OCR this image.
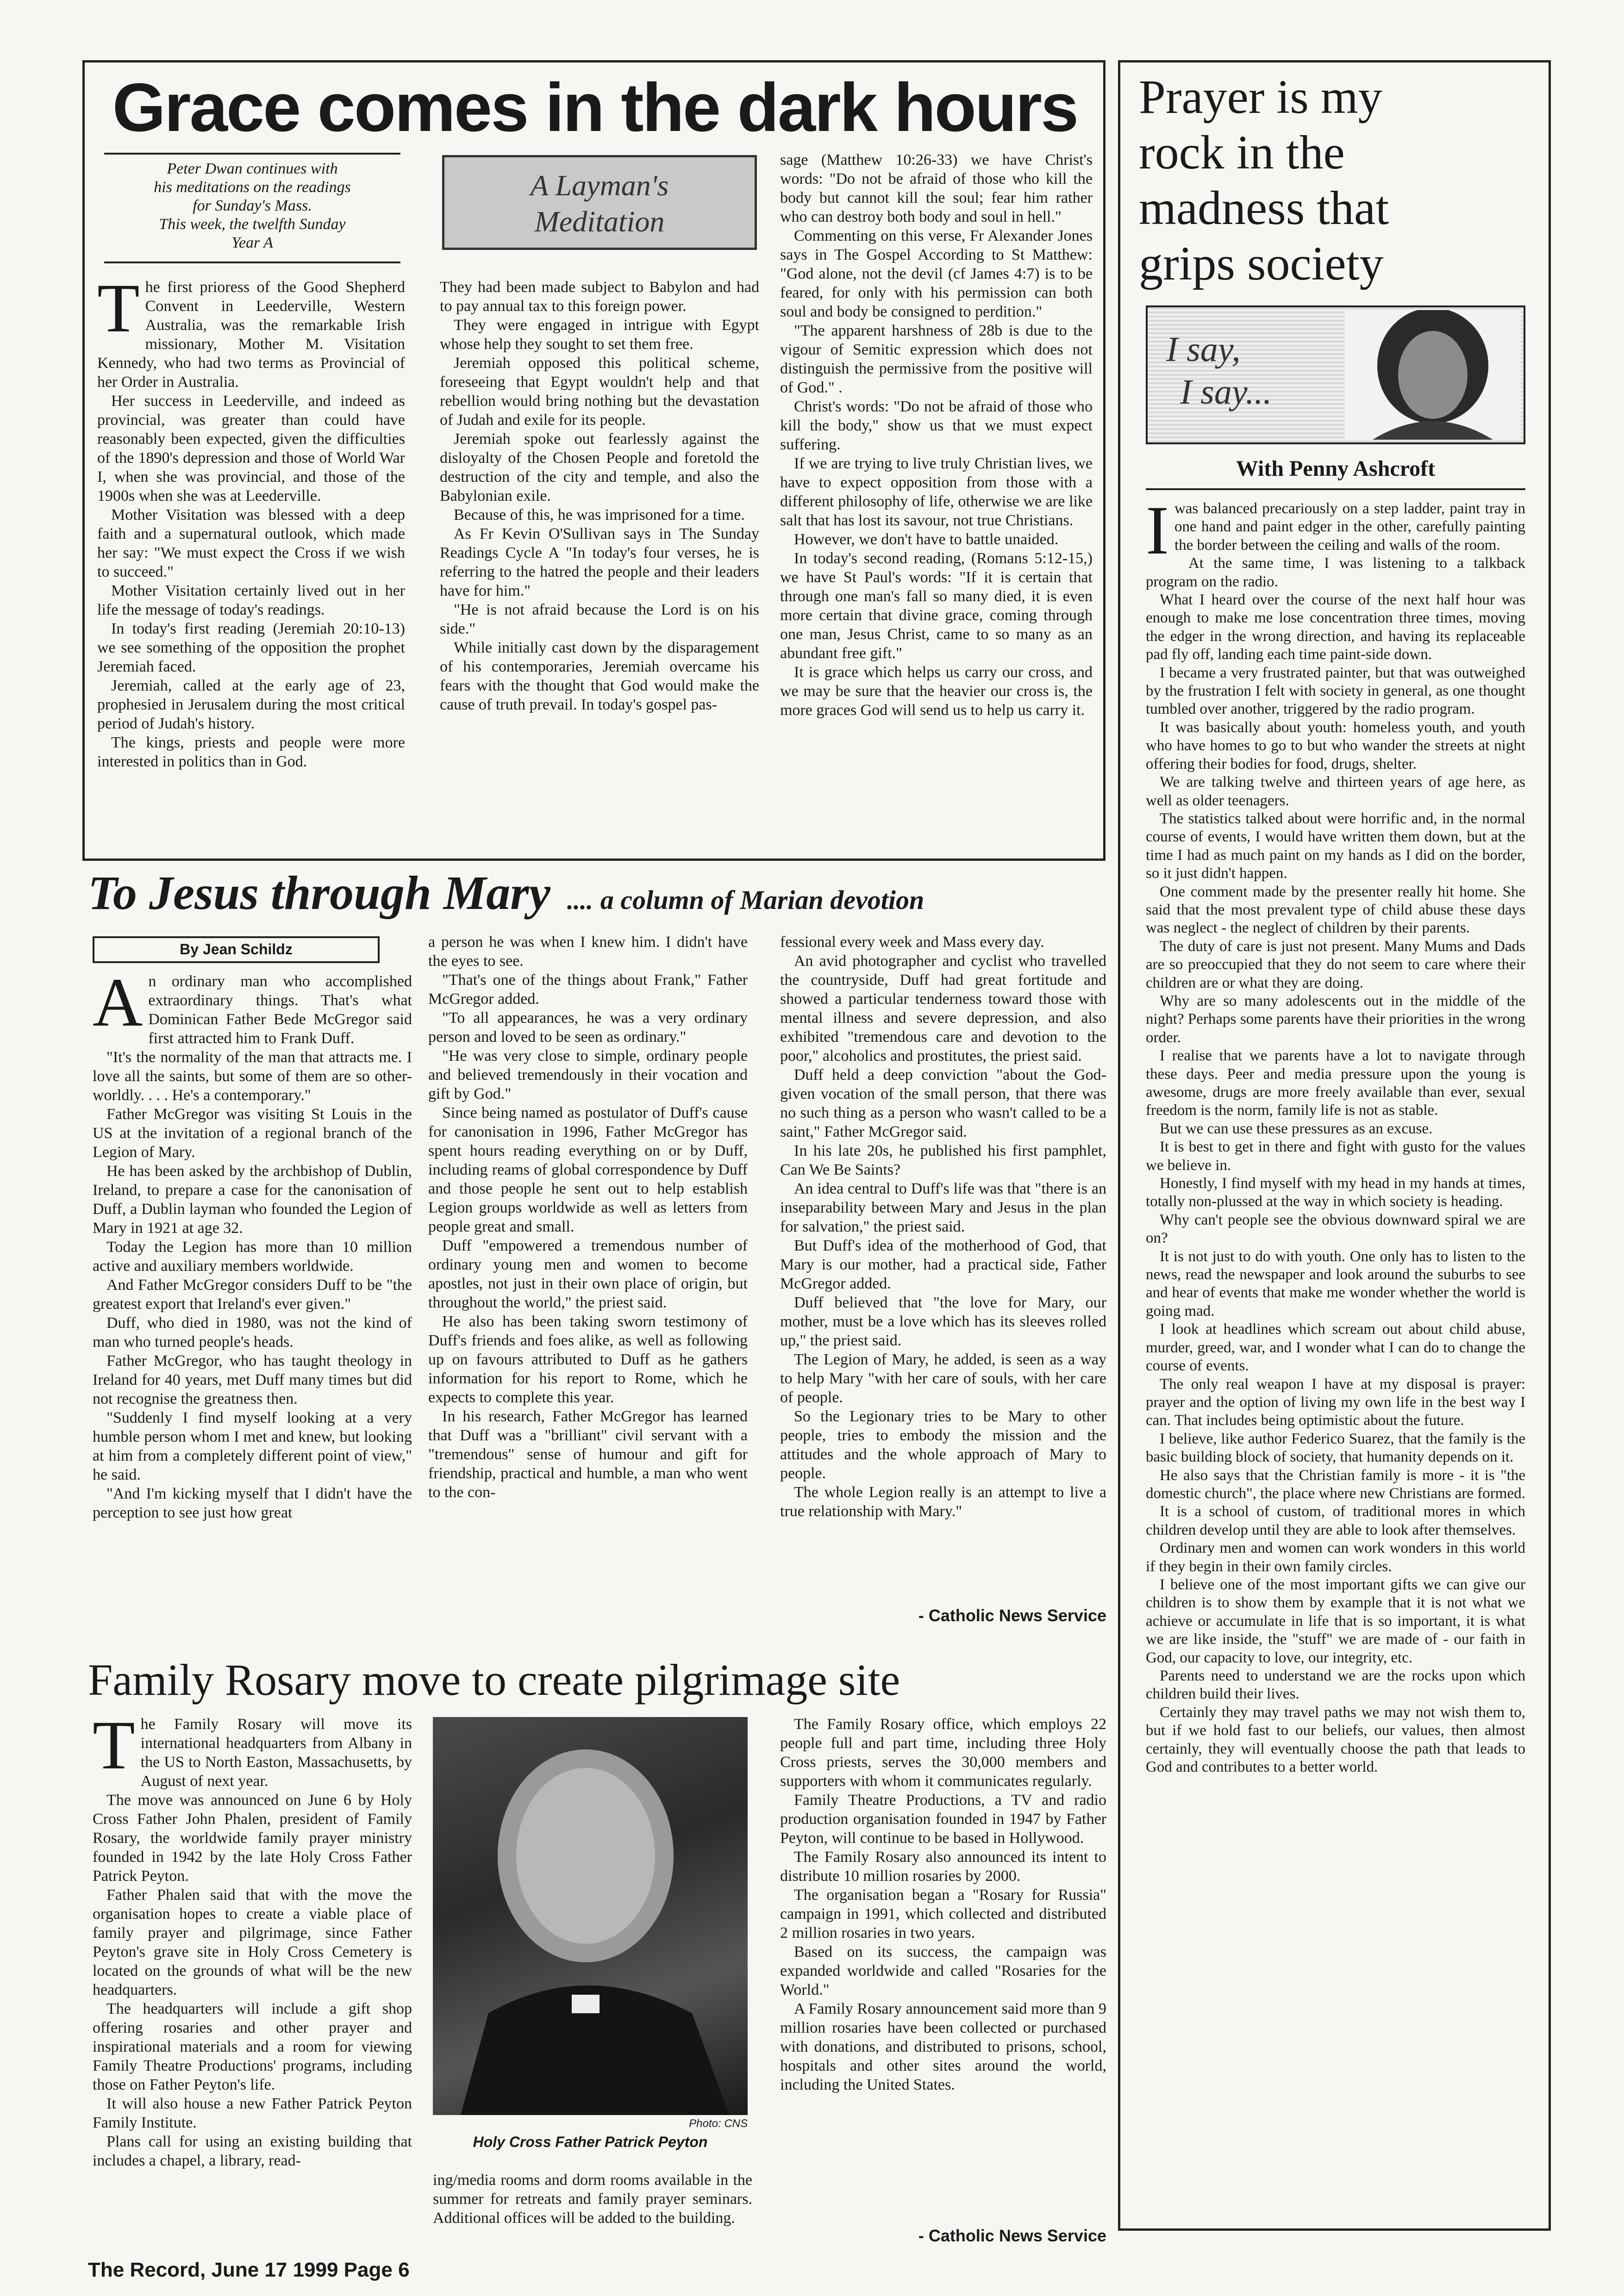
Grace comes in the dark hours
Peter Dwan continues with
his meditations on the readings
for Sunday's Mass.
This week, the twelfth Sunday
Year A
A Layman's
Meditation
T he first prioress of the Good Shepherd Convent in Leederville, Western Australia, was the remarkable Irish missionary, Mother M. Visitation Kennedy, who had two terms as Provincial of her Order in Australia.

Her success in Leederville, and indeed as provincial, was greater than could have reasonably been expected, given the difficulties of the 1890's depression and those of World War I, when she was provincial, and those of the 1900s when she was at Leederville.

Mother Visitation was blessed with a deep faith and a supernatural outlook, which made her say: "We must expect the Cross if we wish to succeed."

Mother Visitation certainly lived out in her life the message of today's readings.

In today's first reading (Jeremiah 20:10-13) we see something of the opposition the prophet Jeremiah faced.

Jeremiah, called at the early age of 23, prophesied in Jerusalem during the most critical period of Judah's history.

The kings, priests and people were more interested in politics than in God.

They had been made subject to Babylon and had to pay annual tax to this foreign power.

They were engaged in intrigue with Egypt whose help they sought to set them free.

Jeremiah opposed this political scheme, foreseeing that Egypt wouldn't help and that rebellion would bring nothing but the devastation of Judah and exile for its people.

Jeremiah spoke out fearlessly against the disloyalty of the Chosen People and foretold the destruction of the city and temple, and also the Babylonian exile.

Because of this, he was imprisoned for a time.

As Fr Kevin O'Sullivan says in The Sunday Readings Cycle A "In today's four verses, he is referring to the hatred the people and their leaders have for him."

"He is not afraid because the Lord is on his side."

While initially cast down by the disparagement of his contemporaries, Jeremiah overcame his fears with the thought that God would make the cause of truth prevail. In today's gospel pas-

sage (Matthew 10:26-33) we have Christ's words: "Do not be afraid of those who kill the body but cannot kill the soul; fear him rather who can destroy both body and soul in hell."

Commenting on this verse, Fr Alexander Jones says in The Gospel According to St Matthew: "God alone, not the devil (cf James 4:7) is to be feared, for only with his permission can both soul and body be consigned to perdition."

"The apparent harshness of 28b is due to the vigour of Semitic expression which does not distinguish the permissive from the positive will of God." .

Christ's words: "Do not be afraid of those who kill the body," show us that we must expect suffering.

If we are trying to live truly Christian lives, we have to expect opposition from those with a different philosophy of life, otherwise we are like salt that has lost its savour, not true Christians.

However, we don't have to battle unaided.

In today's second reading, (Romans 5:12-15,) we have St Paul's words: "If it is certain that through one man's fall so many died, it is even more certain that divine grace, coming through one man, Jesus Christ, came to so many as an abundant free gift."

It is grace which helps us carry our cross, and we may be sure that the heavier our cross is, the more graces God will send us to help us carry it.

To Jesus through Mary .... a column of Marian devotion
By Jean Schildz
A n ordinary man who accomplished extraordinary things. That's what Dominican Father Bede McGregor said first attracted him to Frank Duff.

"It's the normality of the man that attracts me. I love all the saints, but some of them are so other-worldly. . . . He's a contemporary."

Father McGregor was visiting St Louis in the US at the invitation of a regional branch of the Legion of Mary.

He has been asked by the archbishop of Dublin, Ireland, to prepare a case for the canonisation of Duff, a Dublin layman who founded the Legion of Mary in 1921 at age 32.

Today the Legion has more than 10 million active and auxiliary members worldwide.

And Father McGregor considers Duff to be "the greatest export that Ireland's ever given."

Duff, who died in 1980, was not the kind of man who turned people's heads.

Father McGregor, who has taught theology in Ireland for 40 years, met Duff many times but did not recognise the greatness then.

"Suddenly I find myself looking at a very humble person whom I met and knew, but looking at him from a completely different point of view," he said.

"And I'm kicking myself that I didn't have the perception to see just how great

a person he was when I knew him. I didn't have the eyes to see.

"That's one of the things about Frank," Father McGregor added.

"To all appearances, he was a very ordinary person and loved to be seen as ordinary."

"He was very close to simple, ordinary people and believed tremendously in their vocation and gift by God."

Since being named as postulator of Duff's cause for canonisation in 1996, Father McGregor has spent hours reading everything on or by Duff, including reams of global correspondence by Duff and those people he sent out to help establish Legion groups worldwide as well as letters from people great and small.

Duff "empowered a tremendous number of ordinary young men and women to become apostles, not just in their own place of origin, but throughout the world," the priest said.

He also has been taking sworn testimony of Duff's friends and foes alike, as well as following up on favours attributed to Duff as he gathers information for his report to Rome, which he expects to complete this year.

In his research, Father McGregor has learned that Duff was a "brilliant" civil servant with a "tremendous" sense of humour and gift for friendship, practical and humble, a man who went to the con-

fessional every week and Mass every day.

An avid photographer and cyclist who travelled the countryside, Duff had great fortitude and showed a particular tenderness toward those with mental illness and severe depression, and also exhibited "tremendous care and devotion to the poor," alcoholics and prostitutes, the priest said.

Duff held a deep conviction "about the God-given vocation of the small person, that there was no such thing as a person who wasn't called to be a saint," Father McGregor said.

In his late 20s, he published his first pamphlet, Can We Be Saints?

An idea central to Duff's life was that "there is an inseparability between Mary and Jesus in the plan for salvation," the priest said.

But Duff's idea of the motherhood of God, that Mary is our mother, had a practical side, Father McGregor added.

Duff believed that "the love for Mary, our mother, must be a love which has its sleeves rolled up," the priest said.

The Legion of Mary, he added, is seen as a way to help Mary "with her care of souls, with her care of people.

So the Legionary tries to be Mary to other people, tries to embody the mission and the attitudes and the whole approach of Mary to people.

The whole Legion really is an attempt to live a true relationship with Mary."

- Catholic News Service
Family Rosary move to create pilgrimage site
T he Family Rosary will move its international headquarters from Albany in the US to North Easton, Massachusetts, by August of next year.

The move was announced on June 6 by Holy Cross Father John Phalen, president of Family Rosary, the worldwide family prayer ministry founded in 1942 by the late Holy Cross Father Patrick Peyton.

Father Phalen said that with the move the organisation hopes to create a viable place of family prayer and pilgrimage, since Father Peyton's grave site in Holy Cross Cemetery is located on the grounds of what will be the new headquarters.

The headquarters will include a gift shop offering rosaries and other prayer and inspirational materials and a room for viewing Family Theatre Productions' programs, including those on Father Peyton's life.

It will also house a new Father Patrick Peyton Family Institute.

Plans call for using an existing building that includes a chapel, a library, read-

Photo: CNS
Holy Cross Father Patrick Peyton

ing/media rooms and dorm rooms available in the summer for retreats and family prayer seminars. Additional offices will be added to the building.

The Family Rosary office, which employs 22 people full and part time, including three Holy Cross priests, serves the 30,000 members and supporters with whom it communicates regularly.

Family Theatre Productions, a TV and radio production organisation founded in 1947 by Father Peyton, will continue to be based in Hollywood.

The Family Rosary also announced its intent to distribute 10 million rosaries by 2000.

The organisation began a "Rosary for Russia" campaign in 1991, which collected and distributed 2 million rosaries in two years.

Based on its success, the campaign was expanded worldwide and called "Rosaries for the World."

A Family Rosary announcement said more than 9 million rosaries have been collected or purchased with donations, and distributed to prisons, school, hospitals and other sites around the world, including the United States.

- Catholic News Service
Prayer is my
rock in the
madness that
grips society
I say,
I say...
With Penny Ashcroft
I was balanced precariously on a step ladder, paint tray in one hand and paint edger in the other, carefully painting the border between the ceiling and walls of the room.

At the same time, I was listening to a talkback program on the radio.

What I heard over the course of the next half hour was enough to make me lose concentration three times, moving the edger in the wrong direction, and having its replaceable pad fly off, landing each time paint-side down.

I became a very frustrated painter, but that was outweighed by the frustration I felt with society in general, as one thought tumbled over another, triggered by the radio program.

It was basically about youth: homeless youth, and youth who have homes to go to but who wander the streets at night offering their bodies for food, drugs, shelter.

We are talking twelve and thirteen years of age here, as well as older teenagers.

The statistics talked about were horrific and, in the normal course of events, I would have written them down, but at the time I had as much paint on my hands as I did on the border, so it just didn't happen.

One comment made by the presenter really hit home. She said that the most prevalent type of child abuse these days was neglect - the neglect of children by their parents.

The duty of care is just not present. Many Mums and Dads are so preoccupied that they do not seem to care where their children are or what they are doing.

Why are so many adolescents out in the middle of the night? Perhaps some parents have their priorities in the wrong order.

I realise that we parents have a lot to navigate through these days. Peer and media pressure upon the young is awesome, drugs are more freely available than ever, sexual freedom is the norm, family life is not as stable.

But we can use these pressures as an excuse.

It is best to get in there and fight with gusto for the values we believe in.

Honestly, I find myself with my head in my hands at times, totally non-plussed at the way in which society is heading.

Why can't people see the obvious downward spiral we are on?

It is not just to do with youth. One only has to listen to the news, read the newspaper and look around the suburbs to see and hear of events that make me wonder whether the world is going mad.

I look at headlines which scream out about child abuse, murder, greed, war, and I wonder what I can do to change the course of events.

The only real weapon I have at my disposal is prayer: prayer and the option of living my own life in the best way I can. That includes being optimistic about the future.

I believe, like author Federico Suarez, that the family is the basic building block of society, that humanity depends on it.

He also says that the Christian family is more - it is "the domestic church", the place where new Christians are formed.

It is a school of custom, of traditional mores in which children develop until they are able to look after themselves.

Ordinary men and women can work wonders in this world if they begin in their own family circles.

I believe one of the most important gifts we can give our children is to show them by example that it is not what we achieve or accumulate in life that is so important, it is what we are like inside, the "stuff" we are made of - our faith in God, our capacity to love, our integrity, etc.

Parents need to understand we are the rocks upon which children build their lives.

Certainly they may travel paths we may not wish them to, but if we hold fast to our beliefs, our values, then almost certainly, they will eventually choose the path that leads to God and contributes to a better world.

The Record, June 17 1999 Page 6
